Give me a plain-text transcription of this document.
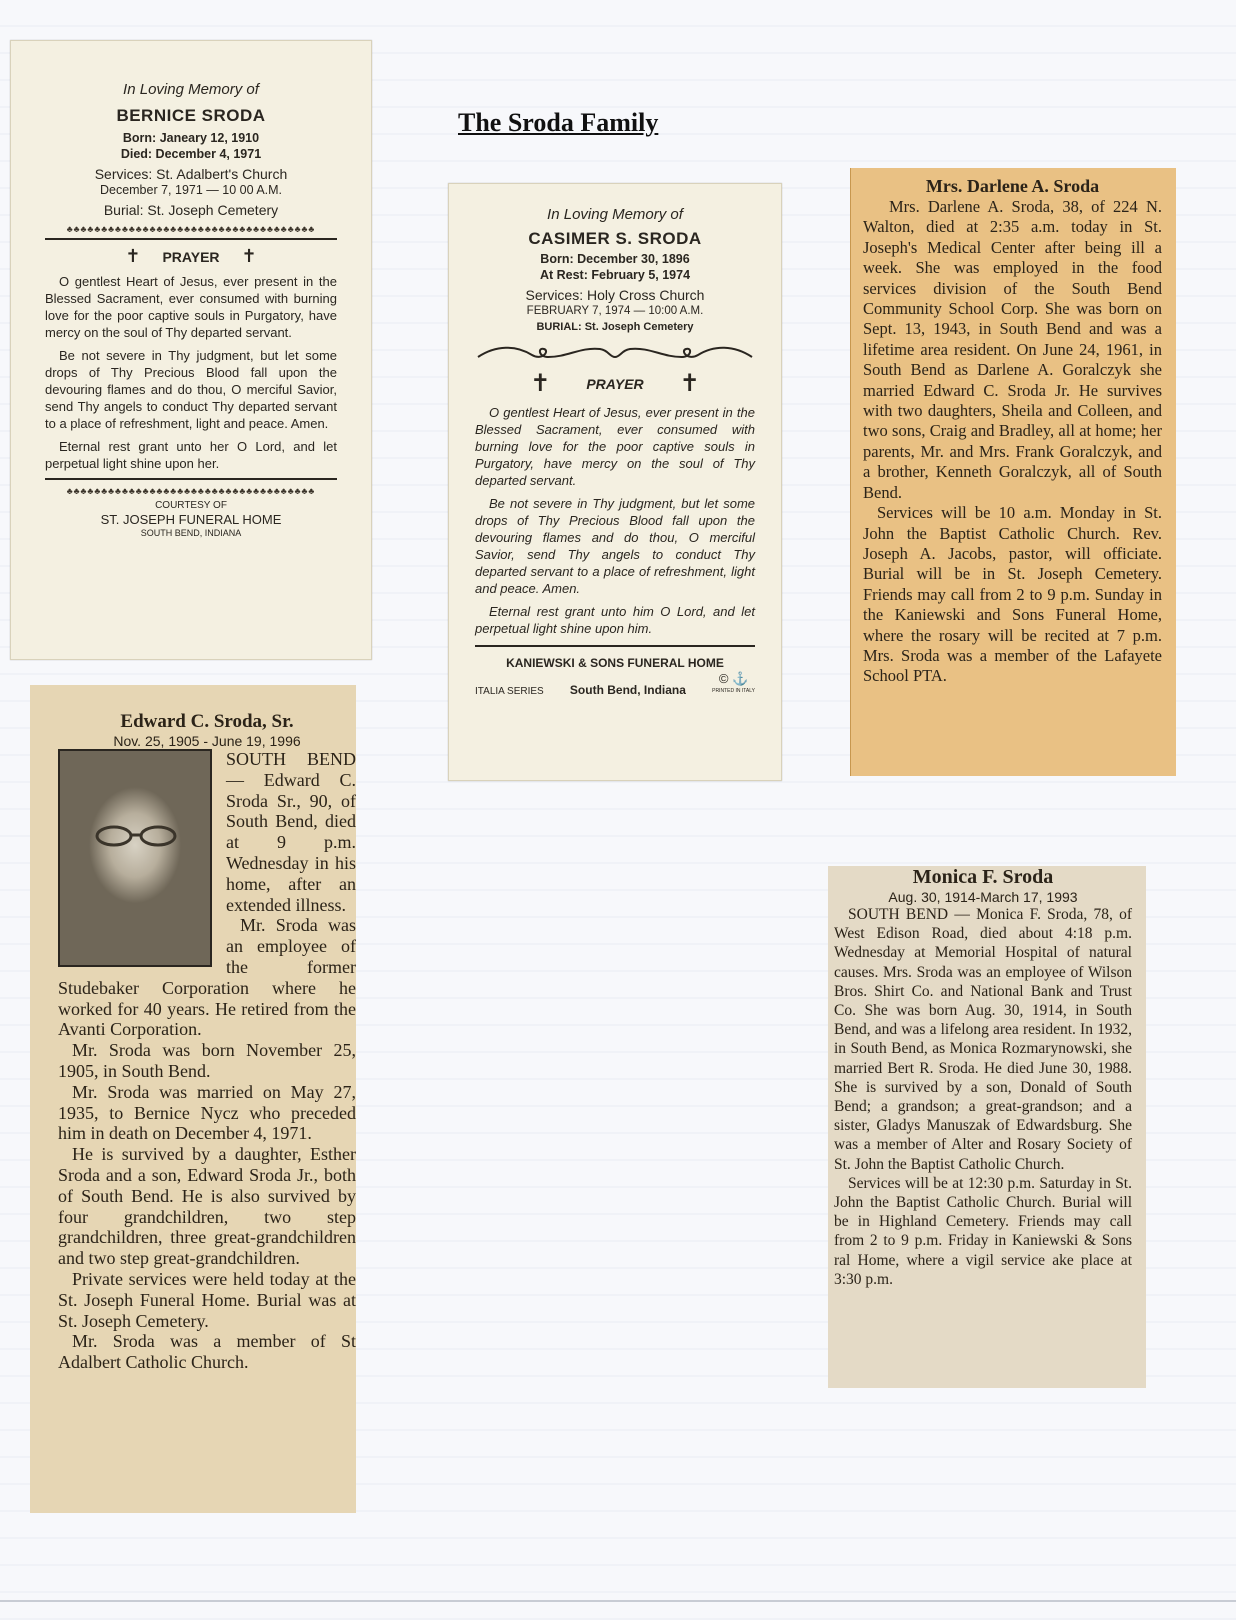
The Sroda Family
In Loving Memory of
BERNICE SRODA
Born: Janeary 12, 1910
Died: December 4, 1971
Services: St. Adalbert's Church
December 7, 1971 — 10 00 A.M.
Burial: St. Joseph Cemetery
♣♣♣♣♣♣♣♣♣♣♣♣♣♣♣♣♣♣♣♣♣♣♣♣♣♣♣♣♣♣♣♣♣♣♣♣
✝ PRAYER ✝

O gentlest Heart of Jesus, ever present in the Blessed Sacrament, ever consumed with burning love for the poor captive souls in Purgatory, have mercy on the soul of Thy departed servant.

Be not severe in Thy judgment, but let some drops of Thy Precious Blood fall upon the devouring flames and do thou, O merciful Savior, send Thy angels to conduct Thy departed servant to a place of refreshment, light and peace. Amen.

Eternal rest grant unto her O Lord, and let perpetual light shine upon her.

♣♣♣♣♣♣♣♣♣♣♣♣♣♣♣♣♣♣♣♣♣♣♣♣♣♣♣♣♣♣♣♣♣♣♣♣
COURTESY OF
ST. JOSEPH FUNERAL HOME
SOUTH BEND, INDIANA
In Loving Memory of
CASIMER S. SRODA
Born: December 30, 1896
At Rest: February 5, 1974
Services: Holy Cross Church
FEBRUARY 7, 1974 — 10:00 A.M.
BURIAL: St. Joseph Cemetery
✝	PRAYER ✝

O gentlest Heart of Jesus, ever present in the Blessed Sacrament, ever consumed with burning love for the poor captive souls in Purgatory, have mercy on the soul of Thy departed servant.

Be not severe in Thy judgment, but let some drops of Thy Precious Blood fall upon the devouring flames and do thou, O merciful Savior, send Thy angels to conduct Thy departed servant to a place of refreshment, light and peace. Amen.

Eternal rest grant unto him O Lord, and let perpetual light shine upon him.

KANIEWSKI & SONS FUNERAL HOME
ITALIA SERIES South Bend, Indiana
© ⚓
PRINTED IN ITALY
Mrs. Darlene A. Sroda

Mrs. Darlene A. Sroda, 38, of 224 N. Walton, died at 2:35 a.m. today in St. Joseph's Medical Center after being ill a week. She was employed in the food services division of the South Bend Community School Corp. She was born on Sept. 13, 1943, in South Bend and was a lifetime area resident. On June 24, 1961, in South Bend as Darlene A. Goralczyk she married Edward C. Sroda Jr. He survives with two daughters, Sheila and Colleen, and two sons, Craig and Bradley, all at home; her parents, Mr. and Mrs. Frank Goralczyk, and a brother, Kenneth Goralczyk, all of South Bend.

Services will be 10 a.m. Monday in St. John the Baptist Catholic Church. Rev. Joseph A. Jacobs, pastor, will officiate. Burial will be in St. Joseph Cemetery. Friends may call from 2 to 9 p.m. Sunday in the Kaniewski and Sons Funeral Home, where the rosary will be recited at 7 p.m. Mrs. Sroda was a member of the Lafayete School PTA.

Edward C. Sroda, Sr.
Nov. 25, 1905 - June 19, 1996

SOUTH BEND — Edward C. Sroda Sr., 90, of South Bend, died at 9 p.m. Wednesday in his home, after an extended illness.

Mr. Sroda was an employee of the former Studebaker Corporation where he worked for 40 years. He retired from the Avanti Corporation.

Mr. Sroda was born November 25, 1905, in South Bend.

Mr. Sroda was married on May 27, 1935, to Bernice Nycz who preceded him in death on December 4, 1971.

He is survived by a daughter, Esther Sroda and a son, Edward Sroda Jr., both of South Bend. He is also survived by four grandchildren, two step grandchildren, three great-grandchildren and two step great-grandchildren.

Private services were held today at the St. Joseph Funeral Home. Burial was at St. Joseph Cemetery.

Mr. Sroda was a member of St Adalbert Catholic Church.

Monica F. Sroda
Aug. 30, 1914-March 17, 1993

SOUTH BEND — Monica F. Sroda, 78, of West Edison Road, died about 4:18 p.m. Wednesday at Memorial Hospital of natural causes. Mrs. Sroda was an employee of Wilson Bros. Shirt Co. and National Bank and Trust Co. She was born Aug. 30, 1914, in South Bend, and was a lifelong area resident. In 1932, in South Bend, as Monica Rozmarynowski, she married Bert R. Sroda. He died June 30, 1988. She is survived by a son, Donald of South Bend; a grandson; a great-grandson; and a sister, Gladys Manuszak of Edwardsburg. She was a member of Alter and Rosary Society of St. John the Baptist Catholic Church.

Services will be at 12:30 p.m. Saturday in St. John the Baptist Catholic Church. Burial will be in Highland Cemetery. Friends may call from 2 to 9 p.m. Friday in Kaniewski & Sons ral Home, where a vigil service ake place at 3:30 p.m.
